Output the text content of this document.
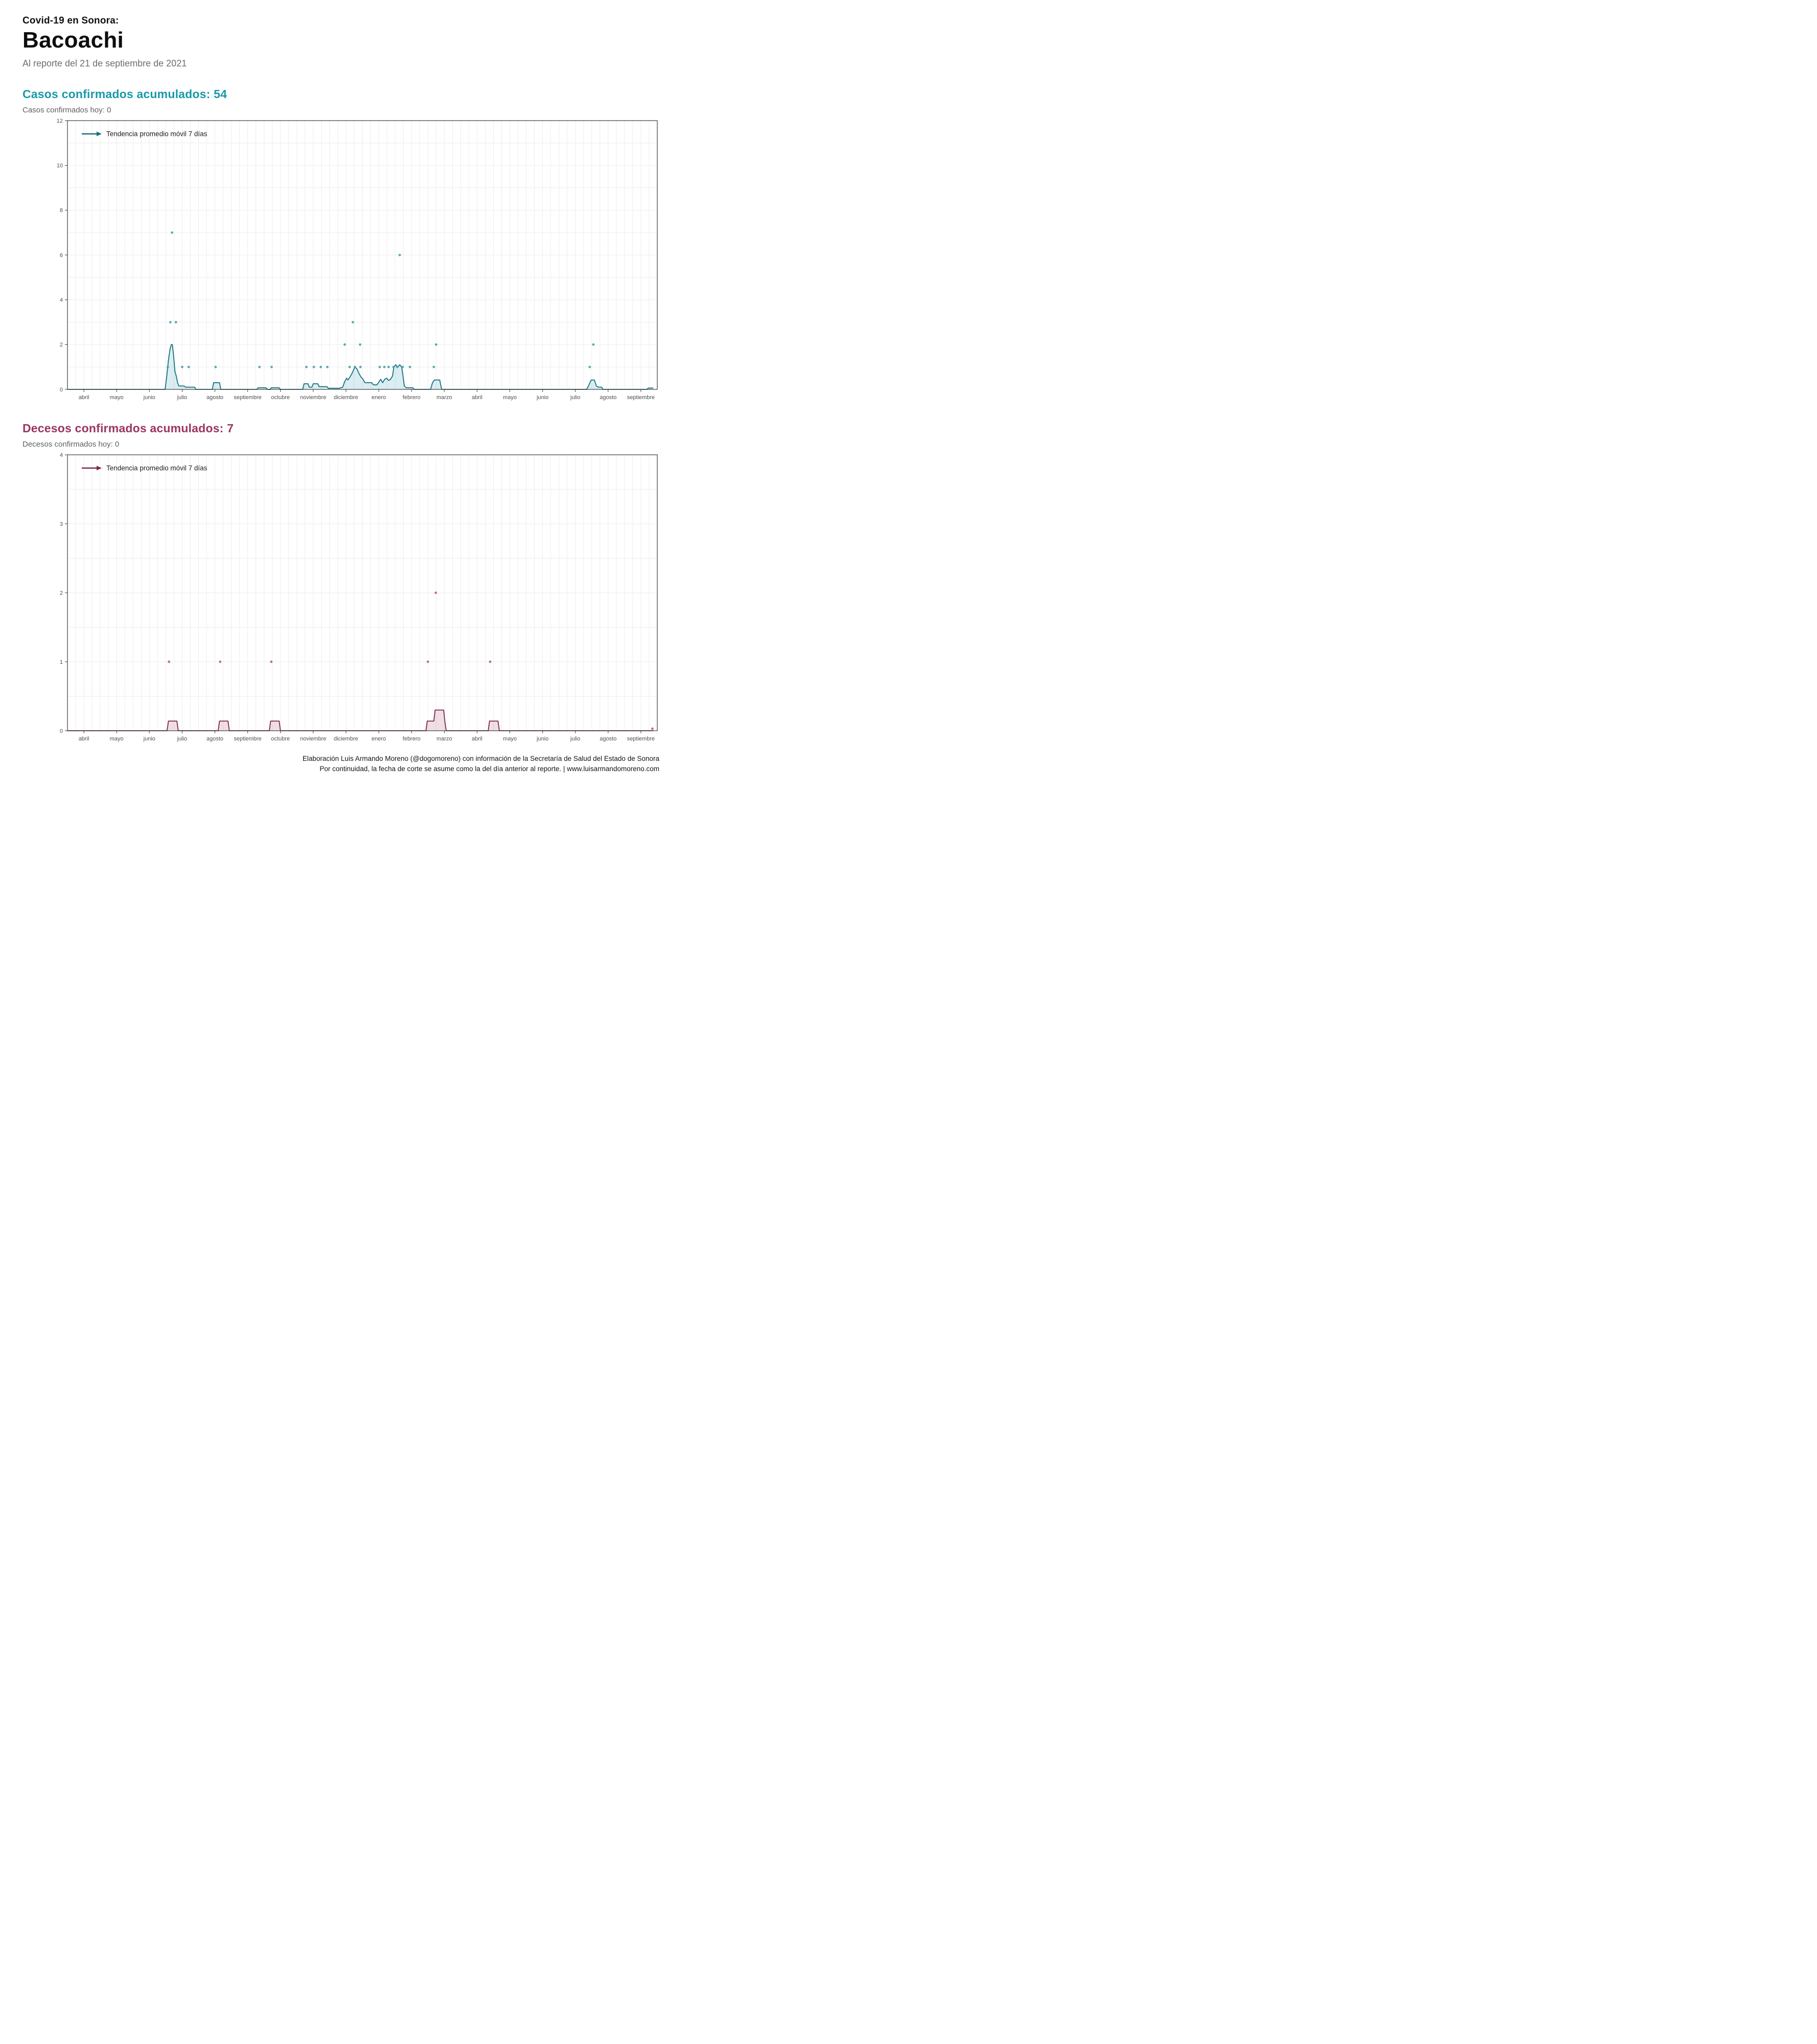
Covid-19 en Sonora:
Bacoachi
Al reporte del 21 de septiembre de 2021
Casos confirmados acumulados: 54
Casos confirmados hoy: 0
0
2
4
6
8
10
12
abril	mayo	junio	julio	agosto septiembre octubre noviembre diciembre enero	febrero	marzo	abril	mayo	junio	julio	agosto septiembre
Tendencia promedio móvil 7 días
Decesos confirmados acumulados: 7
Decesos confirmados hoy: 0
0
1
2
3
4
abril	mayo	junio	julio	agosto septiembre octubre noviembre diciembre enero	febrero	marzo	abril	mayo	junio	julio	agosto septiembre
Tendencia promedio móvil 7 días
Elaboración Luis Armando Moreno (@dogomoreno) con información de la Secretaría de Salud del Estado de Sonora
Por continuidad, la fecha de corte se asume como la del día anterior al reporte. | www.luisarmandomoreno.com
